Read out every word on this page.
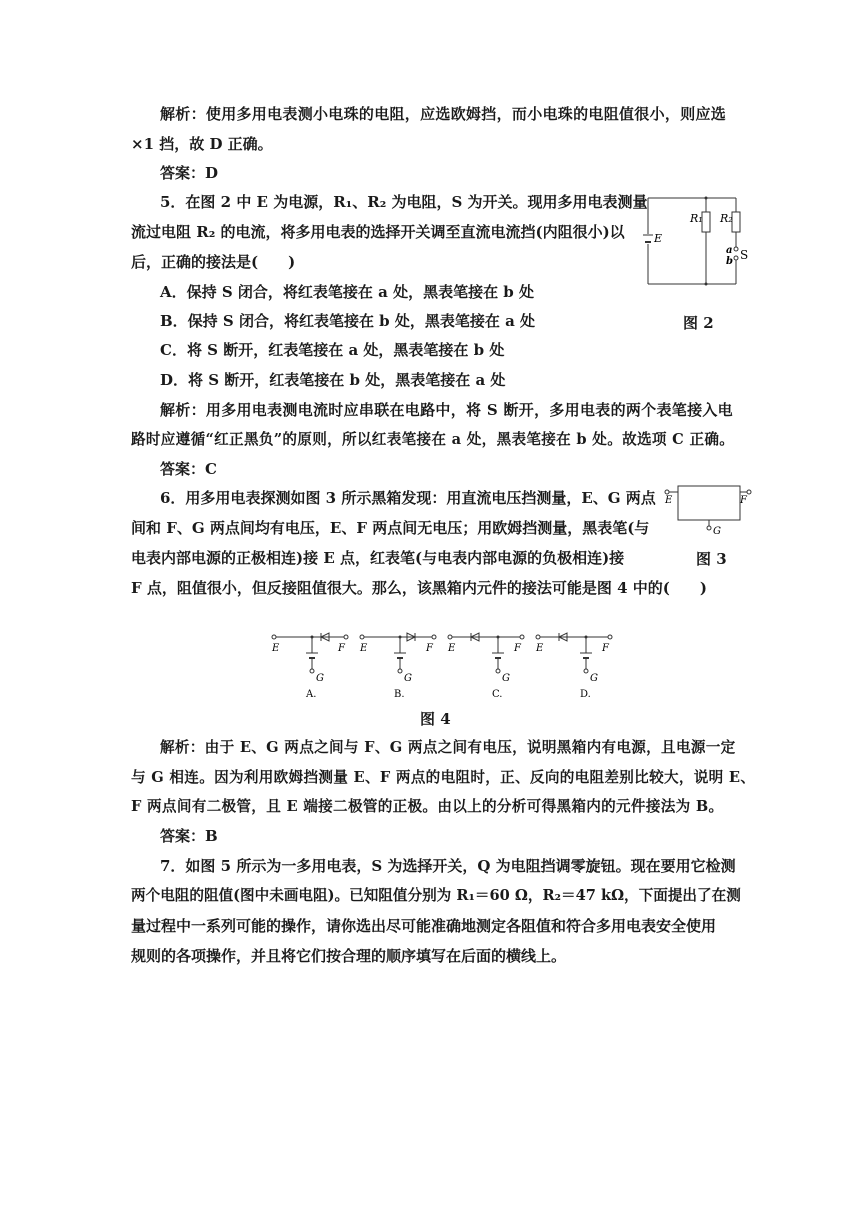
解析：使用多用电表测小电珠的电阻，应选欧姆挡，而小电珠的电阻值很小，则应选
×1 挡，故 D 正确。
答案：D
5．在图 2 中 E 为电源，R₁、R₂ 为电阻，S 为开关。现用多用电表测量
流过电阻 R₂ 的电流，将多用电表的选择开关调至直流电流挡(内阻很小)以
后，正确的接法是(　　)
A．保持 S 闭合，将红表笔接在 a 处，黑表笔接在 b 处
B．保持 S 闭合，将红表笔接在 b 处，黑表笔接在 a 处
C．将 S 断开，红表笔接在 a 处，黑表笔接在 b 处
D．将 S 断开，红表笔接在 b 处，黑表笔接在 a 处
解析：用多用电表测电流时应串联在电路中，将 S 断开，多用电表的两个表笔接入电
路时应遵循“红正黑负”的原则，所以红表笔接在 a 处，黑表笔接在 b 处。故选项 C 正确。
答案：C
6．用多用电表探测如图 3 所示黑箱发现：用直流电压挡测量，E、G 两点
间和 F、G 两点间均有电压，E、F 两点间无电压；用欧姆挡测量，黑表笔(与
电表内部电源的正极相连)接 E 点，红表笔(与电表内部电源的负极相连)接
F 点，阻值很小，但反接阻值很大。那么，该黑箱内元件的接法可能是图 4 中的(　　)
解析：由于 E、G 两点之间与 F、G 两点之间有电压，说明黑箱内有电源，且电源一定
与 G 相连。因为利用欧姆挡测量 E、F 两点的电阻时，正、反向的电阻差别比较大，说明 E、
F 两点间有二极管，且 E 端接二极管的正极。由以上的分析可得黑箱内的元件接法为 B。
答案：B
7．如图 5 所示为一多用电表，S 为选择开关，Q 为电阻挡调零旋钮。现在要用它检测
两个电阻的阻值(图中未画电阻)。已知阻值分别为 R₁＝60 Ω，R₂＝47 kΩ，下面提出了在测
量过程中一系列可能的操作，请你选出尽可能准确地测定各阻值和符合多用电表安全使用
规则的各项操作，并且将它们按合理的顺序填写在后面的横线上。
E
R₁ R₂
a
b S
图 2
E	F
G
图 3
E	F
G
A.
E	F
G
B.
E	F
G
C.
E	F
G
D.
图 4
